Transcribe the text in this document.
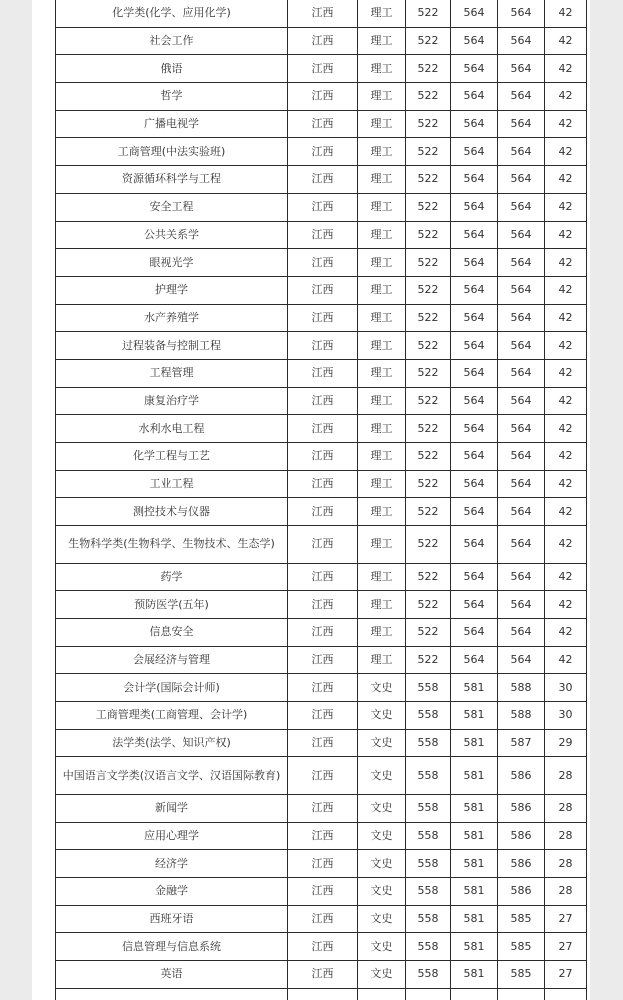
化学类(化学、应用化学)	江西	理工	522	564	564	42
社会工作	江西	理工	522	564	564	42
俄语	江西	理工	522	564	564	42
哲学	江西	理工	522	564	564	42
广播电视学	江西	理工	522	564	564	42
工商管理(中法实验班)	江西	理工	522	564	564	42
资源循环科学与工程	江西	理工	522	564	564	42
安全工程	江西	理工	522	564	564	42
公共关系学	江西	理工	522	564	564	42
眼视光学	江西	理工	522	564	564	42
护理学	江西	理工	522	564	564	42
水产养殖学	江西	理工	522	564	564	42
过程装备与控制工程	江西	理工	522	564	564	42
工程管理	江西	理工	522	564	564	42
康复治疗学	江西	理工	522	564	564	42
水利水电工程	江西	理工	522	564	564	42
化学工程与工艺	江西	理工	522	564	564	42
工业工程	江西	理工	522	564	564	42
测控技术与仪器	江西	理工	522	564	564	42
生物科学类(生物科学、生物技术、生态学)	江西	理工	522	564	564	42
药学	江西	理工	522	564	564	42
预防医学(五年)	江西	理工	522	564	564	42
信息安全	江西	理工	522	564	564	42
会展经济与管理	江西	理工	522	564	564	42
会计学(国际会计师)	江西	文史	558	581	588	30
工商管理类(工商管理、会计学)	江西	文史	558	581	588	30
法学类(法学、知识产权)	江西	文史	558	581	587	29
中国语言文学类(汉语言文学、汉语国际教育)	江西	文史	558	581	586	28
新闻学	江西	文史	558	581	586	28
应用心理学	江西	文史	558	581	586	28
经济学	江西	文史	558	581	586	28
金融学	江西	文史	558	581	586	28
西班牙语	江西	文史	558	581	585	27
信息管理与信息系统	江西	文史	558	581	585	27
英语	江西	文史	558	581	585	27
